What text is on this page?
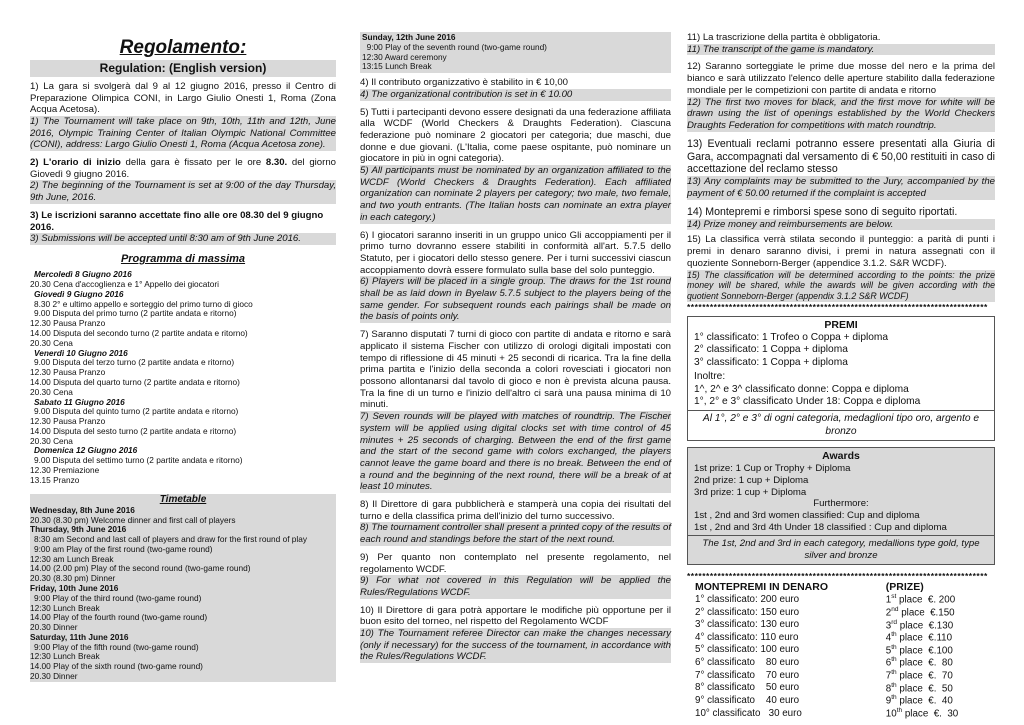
Regolamento:
Regulation: (English version)

1) La gara si svolgerà dal 9 al 12 giugno 2016, presso il Centro di Preparazione Olimpica CONI, in Largo Giulio Onesti 1, Roma (Zona Acqua Acetosa).

1) The Tournament will take place on 9th, 10th, 11th and 12th, June 2016, Olympic Training Center of Italian Olympic National Committee (CONI), address: Largo Giulio Onesti 1, Roma (Acqua Acetosa zone).

2) L'orario di inizio della gara è fissato per le ore 8.30. del giorno Giovedì 9 giugno 2016.

2) The beginning of the Tournament is set at 9:00 of the day Thursday, 9th June, 2016.

3) Le iscrizioni saranno accettate fino alle ore 08.30 del 9 giugno 2016.

3) Submissions will be accepted until 8:30 am of 9th June 2016.

Programma di massima
Mercoledì 8 Giugno 2016
20.30 Cena d'accoglienza e 1° Appello dei giocatori
Giovedì 9 Giugno 2016
8.30 2° e ultimo appello e sorteggio del primo turno di gioco
9.00 Disputa del primo turno (2 partite andata e ritorno)
12.30 Pausa Pranzo
14.00 Disputa del secondo turno (2 partite andata e ritorno)
20.30 Cena
Venerdì 10 Giugno 2016
9.00 Disputa del terzo turno (2 partite andata e ritorno)
12.30 Pausa Pranzo
14.00 Disputa del quarto turno (2 partite andata e ritorno)
20.30 Cena
Sabato 11 Giugno 2016
9.00 Disputa del quinto turno (2 partite andata e ritorno)
12.30 Pausa Pranzo
14.00 Disputa del sesto turno (2 partite andata e ritorno)
20.30 Cena
Domenica 12 Giugno 2016
9.00 Disputa del settimo turno (2 partite andata e ritorno)
12.30 Premiazione
13.15 Pranzo
Timetable
Wednesday, 8th June 2016
20.30 (8.30 pm) Welcome dinner and first call of players
Thursday, 9th June 2016
8:30 am Second and last call of players and draw for the first round of play
9:00 am Play of the first round (two-game round)
12:30 am Lunch Break
14.00 (2.00 pm) Play of the second round (two-game round)
20.30 (8.30 pm) Dinner
Friday, 10th June 2016
9:00 Play of the third round (two-game round)
12:30 Lunch Break
14.00 Play of the fourth round (two-game round)
20.30 Dinner
Saturday, 11th June 2016
9:00 Play of the fifth round (two-game round)
12:30 Lunch Break
14.00 Play of the sixth round (two-game round)
20.30 Dinner
Sunday, 12th June 2016
9:00 Play of the seventh round (two-game round)
12:30 Award ceremony
13:15 Lunch Break

4) Il contributo organizzativo è stabilito in € 10,00

4) The organizational contribution is set in € 10.00

5) Tutti i partecipanti devono essere designati da una federazione affiliata alla WCDF (World Checkers & Draughts Federation). Ciascuna federazione può nominare 2 giocatori per categoria; due maschi, due donne e due giovani. (L'Italia, come paese ospitante, può nominare un giocatore in più in ogni categoria).

5) All participants must be nominated by an organization affiliated to the WCDF (World Checkers & Draughts Federation). Each affiliated organization can nominate 2 players per category; two male, two female, and two youth entrants. (The Italian hosts can nominate an extra player in each category.)

6) I giocatori saranno inseriti in un gruppo unico Gli accoppiamenti per il primo turno dovranno essere stabiliti in conformità all'art. 5.7.5 dello Statuto, per i giocatori dello stesso genere. Per i turni successivi ciascun accoppiamento dovrà essere formulato sulla base del solo punteggio.

6) Players will be placed in a single group. The draws for the 1st round shall be as laid down in Byelaw 5.7.5 subject to the players being of the same gender. For subsequent rounds each pairings shall be made on the basis of points only.

7) Saranno disputati 7 turni di gioco con partite di andata e ritorno e sarà applicato il sistema Fischer con utilizzo di orologi digitali impostati con tempo di riflessione di 45 minuti + 25 secondi di ricarica. Tra la fine della prima partita e l'inizio della seconda a colori rovesciati i giocatori non possono allontanarsi dal tavolo di gioco e non è prevista alcuna pausa. Tra la fine di un turno e l'inizio dell'altro ci sarà una pausa minima di 10 minuti.

7) Seven rounds will be played with matches of roundtrip. The Fischer system will be applied using digital clocks set with time control of 45 minutes + 25 seconds of charging. Between the end of the first game and the start of the second game with colors exchanged, the players cannot leave the game board and there is no break. Between the end of a round and the beginning of the next round, there will be a break of at least 10 minutes.

8) Il Direttore di gara pubblicherà e stamperà una copia dei risultati del turno e della classifica prima dell'inizio del turno successivo.

8) The tournament controller shall present a printed copy of the results of each round and standings before the start of the next round.

9) Per quanto non contemplato nel presente regolamento, nel regolamento WCDF.

9) For what not covered in this Regulation will be applied the Rules/Regulations WCDF.

10) Il Direttore di gara potrà apportare le modifiche più opportune per il buon esito del torneo, nel rispetto del Regolamento WCDF

10) The Tournament referee Director can make the changes necessary (only if necessary) for the success of the tournament, in accordance with the Rules/Regulations WCDF.

11) La trascrizione della partita è obbligatoria.

11) The transcript of the game is mandatory.

12) Saranno sorteggiate le prime due mosse del nero e la prima del bianco e sarà utilizzato l'elenco delle aperture stabilito dalla federazione mondiale per le competizioni con partite di andata e ritorno

12) The first two moves for black, and the first move for white will be drawn using the list of openings established by the World Checkers Draughts Federation for competitions with match roundtrip.

13) Eventuali reclami potranno essere presentati alla Giuria di Gara, accompagnati dal versamento di € 50,00 restituiti in caso di accettazione del reclamo stesso

13) Any complaints may be submitted to the Jury, accompanied by the payment of € 50.00 returned if the complaint is accepted

14) Montepremi e rimborsi spese sono di seguito riportati.

14) Prize money and reimbursements are below.

15) La classifica verrà stilata secondo il punteggio: a parità di punti i premi in denaro saranno divisi, i premi in natura assegnati con il quoziente Sonneborn-Berger (appendice 3.1.2. S&R WCDF).

15) The classification will be determined according to the points: the prize money will be shared, while the awards will be given according with the quotient Sonneborn-Berger (appendix 3.1.2 S&R WCDF)

*******************************************************************************
PREMI
1° classificato: 1 Trofeo o Coppa + diploma
2° classificato: 1 Coppa + diploma
3° classificato: 1 Coppa + diploma
Inoltre:
1^, 2^ e 3^ classificato donne: Coppa e diploma
1°, 2° e 3° classificato Under 18: Coppa e diploma
Al 1°, 2° e 3° di ogni categoria, medaglioni tipo oro, argento e bronzo
Awards
1st prize: 1 Cup or Trophy + Diploma
2nd prize: 1 cup + Diploma
3rd prize: 1 cup + Diploma
Furthermore:
1st , 2nd and 3rd women classified: Cup and diploma
1st , 2nd and 3rd 4th Under 18 classified : Cup and diploma
The 1st, 2nd and 3rd in each category, medallions type gold, type silver and bronze
*******************************************************************************
MONTEPREMI IN DENARO	(PRIZE)
1° classificato: 200 euro	1st place  €. 200
2° classificato: 150 euro	2nd place  €.150
3° classificato: 130 euro	3rd place  €.130
4° classificato: 110 euro	4th place  €.110
5° classificato: 100 euro	5th place  €.100
6° classificato    80 euro	6th place  €.  80
7° classificato    70 euro	7th place  €.  70
8° classificato    50 euro	8th place  €.  50
9° classificato    40 euro	9th place  €.  40
10° classificato   30 euro	10th place  €.  30
